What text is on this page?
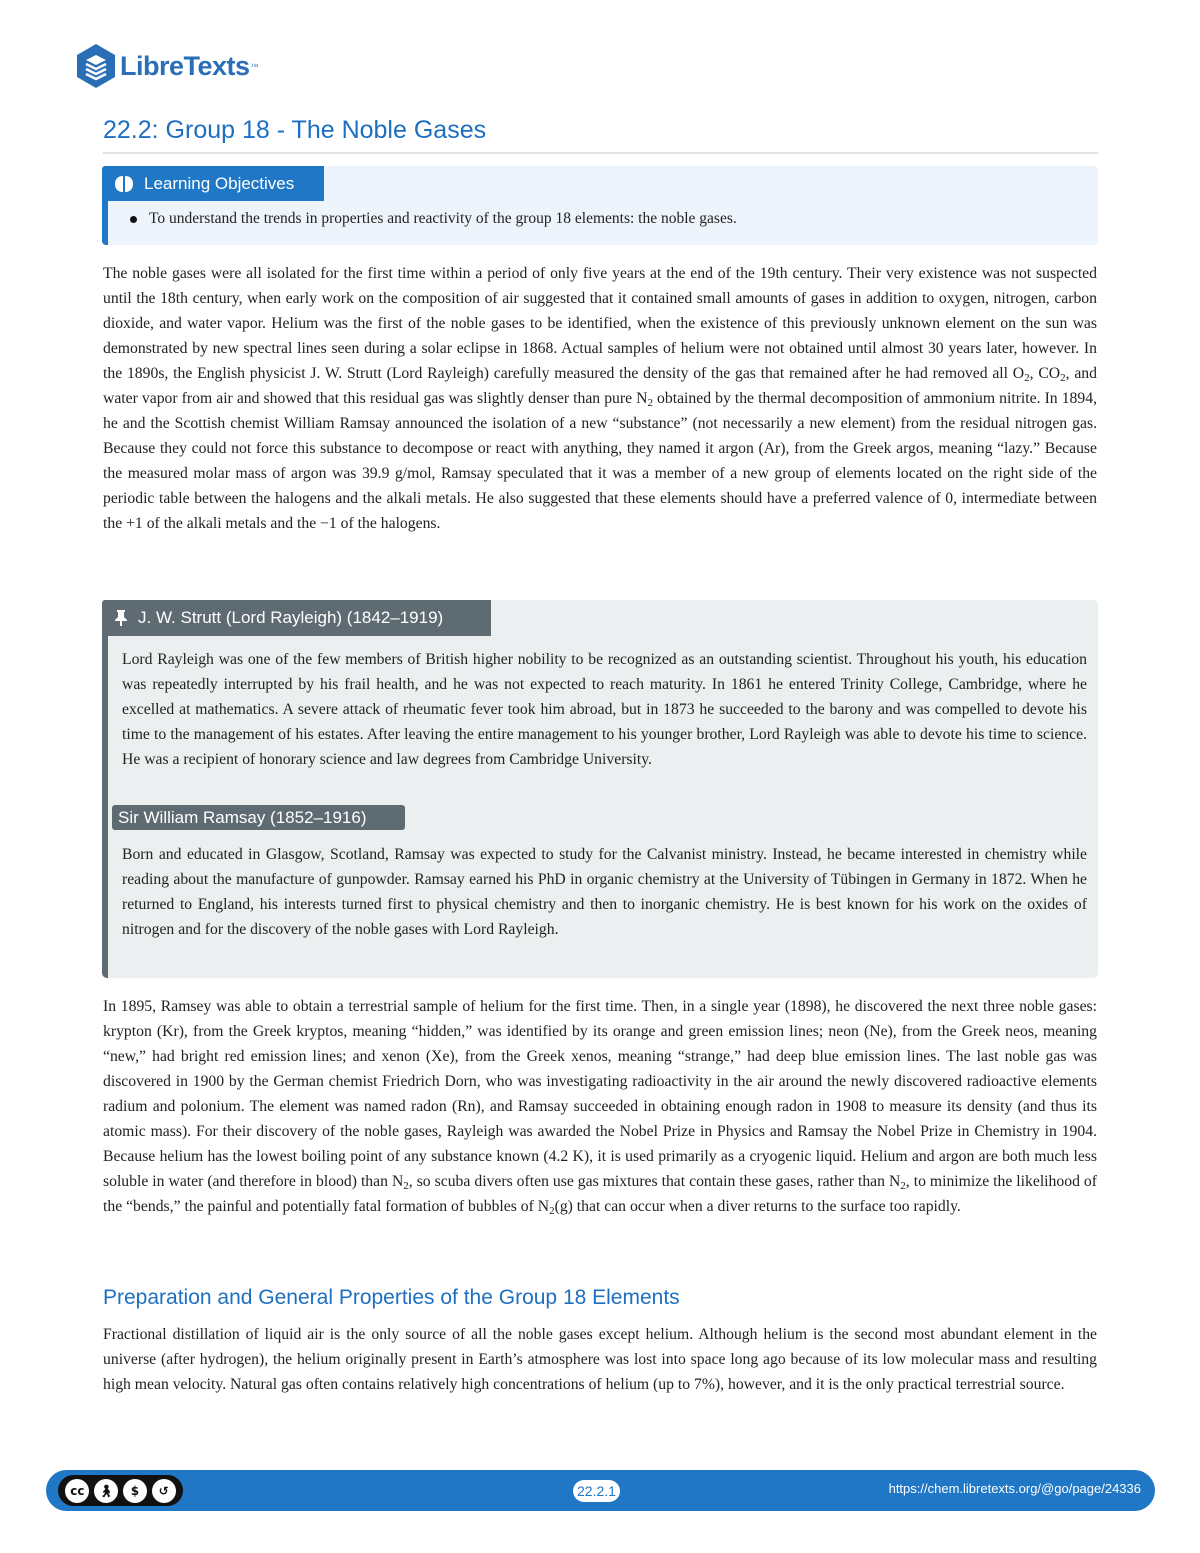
LibreTexts ™
22.2: Group 18 - The Noble Gases
Learning Objectives
To understand the trends in properties and reactivity of the group 18 elements: the noble gases.

The noble gases were all isolated for the first time within a period of only five years at the end of the 19th century. Their very existence was not suspected until the 18th century, when early work on the composition of air suggested that it contained small amounts of gases in addition to oxygen, nitrogen, carbon dioxide, and water vapor. Helium was the first of the noble gases to be identified, when the existence of this previously unknown element on the sun was demonstrated by new spectral lines seen during a solar eclipse in 1868. Actual samples of helium were not obtained until almost 30 years later, however. In the 1890s, the English physicist J. W. Strutt (Lord Rayleigh) carefully measured the density of the gas that remained after he had removed all $O_2$, $CO_2$, and water vapor from air and showed that this residual gas was slightly denser than pure $N_2$ obtained by the thermal decomposition of ammonium nitrite. In 1894, he and the Scottish chemist William Ramsay announced the isolation of a new “substance” (not necessarily a new element) from the residual nitrogen gas. Because they could not force this substance to decompose or react with anything, they named it argon (Ar), from the Greek argos, meaning “lazy.” Because the measured molar mass of argon was 39.9 g/mol, Ramsay speculated that it was a member of a new group of elements located on the right side of the periodic table between the halogens and the alkali metals. He also suggested that these elements should have a preferred valence of 0, intermediate between the +1 of the alkali metals and the −1 of the halogens.

J. W. Strutt (Lord Rayleigh) (1842–1919)

Lord Rayleigh was one of the few members of British higher nobility to be recognized as an outstanding scientist. Throughout his youth, his education was repeatedly interrupted by his frail health, and he was not expected to reach maturity. In 1861 he entered Trinity College, Cambridge, where he excelled at mathematics. A severe attack of rheumatic fever took him abroad, but in 1873 he succeeded to the barony and was compelled to devote his time to the management of his estates. After leaving the entire management to his younger brother, Lord Rayleigh was able to devote his time to science. He was a recipient of honorary science and law degrees from Cambridge University.

Sir William Ramsay (1852–1916)

Born and educated in Glasgow, Scotland, Ramsay was expected to study for the Calvanist ministry. Instead, he became interested in chemistry while reading about the manufacture of gunpowder. Ramsay earned his PhD in organic chemistry at the University of Tübingen in Germany in 1872. When he returned to England, his interests turned first to physical chemistry and then to inorganic chemistry. He is best known for his work on the oxides of nitrogen and for the discovery of the noble gases with Lord Rayleigh.

In 1895, Ramsey was able to obtain a terrestrial sample of helium for the first time. Then, in a single year (1898), he discovered the next three noble gases: krypton (Kr), from the Greek kryptos, meaning “hidden,” was identified by its orange and green emission lines; neon (Ne), from the Greek neos, meaning “new,” had bright red emission lines; and xenon (Xe), from the Greek xenos, meaning “strange,” had deep blue emission lines. The last noble gas was discovered in 1900 by the German chemist Friedrich Dorn, who was investigating radioactivity in the air around the newly discovered radioactive elements radium and polonium. The element was named radon (Rn), and Ramsay succeeded in obtaining enough radon in 1908 to measure its density (and thus its atomic mass). For their discovery of the noble gases, Rayleigh was awarded the Nobel Prize in Physics and Ramsay the Nobel Prize in Chemistry in 1904. Because helium has the lowest boiling point of any substance known (4.2 K), it is used primarily as a cryogenic liquid. Helium and argon are both much less soluble in water (and therefore in blood) than $N_2$, so scuba divers often use gas mixtures that contain these gases, rather than $N_2$, to minimize the likelihood of the “bends,” the painful and potentially fatal formation of bubbles of $N_2(g)$ that can occur when a diver returns to the surface too rapidly.

Preparation and General Properties of the Group 18 Elements

Fractional distillation of liquid air is the only source of all the noble gases except helium. Although helium is the second most abundant element in the universe (after hydrogen), the helium originally present in Earth’s atmosphere was lost into space long ago because of its low molecular mass and resulting high mean velocity. Natural gas often contains relatively high concentrations of helium (up to 7%), however, and it is the only practical terrestrial source.

cc	🚶︎	$	↺	22.2.1	https://chem.libretexts.org/@go/page/24336
